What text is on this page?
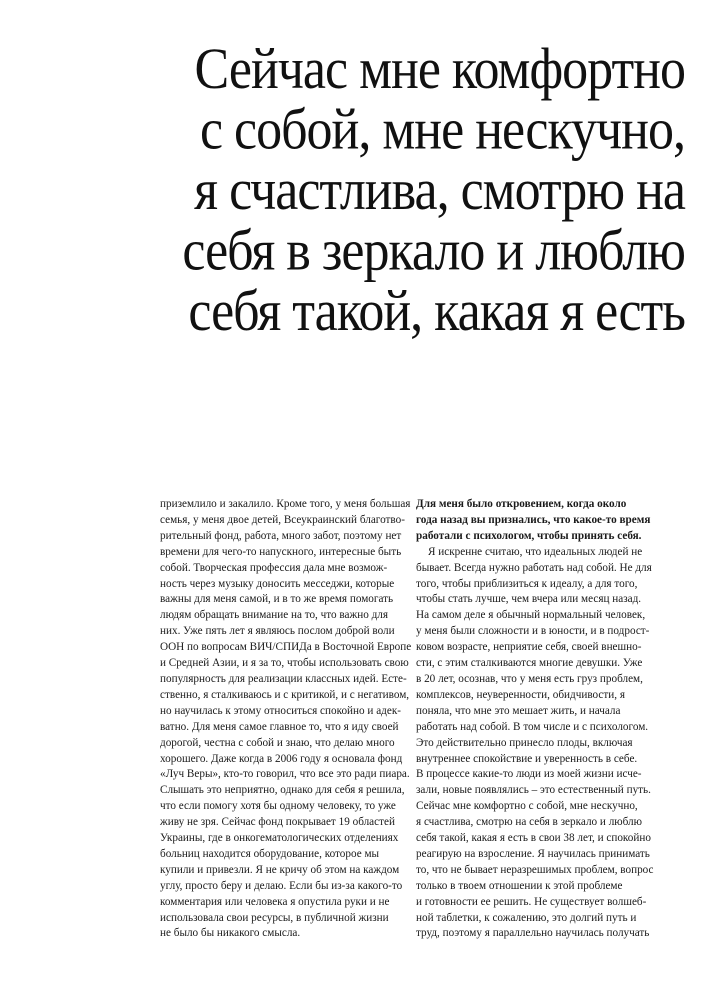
Сейчас мне комфортно
с собой, мне нескучно,
я счастлива, смотрю на
себя в зеркало и люблю
себя такой, какая я есть
приземлило и закалило. Кроме того, у меня большая
семья, у меня двое детей, Всеукраинский благотво-
рительный фонд, работа, много забот, поэтому нет
времени для чего-то напускного, интересные быть
собой. Творческая профессия дала мне возмож-
ность через музыку доносить месседжи, которые
важны для меня самой, и в то же время помогать
людям обращать внимание на то, что важно для
них. Уже пять лет я являюсь послом доброй воли
ООН по вопросам ВИЧ/СПИДа в Восточной Европе
и Средней Азии, и я за то, чтобы использовать свою
популярность для реализации классных идей. Есте-
ственно, я сталкиваюсь и с критикой, и с негативом,
но научилась к этому относиться спокойно и адек-
ватно. Для меня самое главное то, что я иду своей
дорогой, честна с собой и знаю, что делаю много
хорошего. Даже когда в 2006 году я основала фонд
«Луч Веры», кто-то говорил, что все это ради пиара.
Слышать это неприятно, однако для себя я решила,
что если помогу хотя бы одному человеку, то уже
живу не зря. Сейчас фонд покрывает 19 областей
Украины, где в онкогематологических отделениях
больниц находится оборудование, которое мы
купили и привезли. Я не кричу об этом на каждом
углу, просто беру и делаю. Если бы из-за какого-то
комментария или человека я опустила руки и не
использовала свои ресурсы, в публичной жизни
не было бы никакого смысла.
Для меня было откровением, когда около
года назад вы признались, что какое-то время
работали с психологом, чтобы принять себя.
Я искренне считаю, что идеальных людей не
бывает. Всегда нужно работать над собой. Не для
того, чтобы приблизиться к идеалу, а для того,
чтобы стать лучше, чем вчера или месяц назад.
На самом деле я обычный нормальный человек,
у меня были сложности и в юности, и в подрост-
ковом возрасте, неприятие себя, своей внешно-
сти, с этим сталкиваются многие девушки. Уже
в 20 лет, осознав, что у меня есть груз проблем,
комплексов, неуверенности, обидчивости, я
поняла, что мне это мешает жить, и начала
работать над собой. В том числе и с психологом.
Это действительно принесло плоды, включая
внутреннее спокойствие и уверенность в себе.
В процессе какие-то люди из моей жизни исче-
зали, новые появлялись – это естественный путь.
Сейчас мне комфортно с собой, мне нескучно,
я счастлива, смотрю на себя в зеркало и люблю
себя такой, какая я есть в свои 38 лет, и спокойно
реагирую на взросление. Я научилась принимать
то, что не бывает неразрешимых проблем, вопрос
только в твоем отношении к этой проблеме
и готовности ее решить. Не существует волшеб-
ной таблетки, к сожалению, это долгий путь и
труд, поэтому я параллельно научилась получать
